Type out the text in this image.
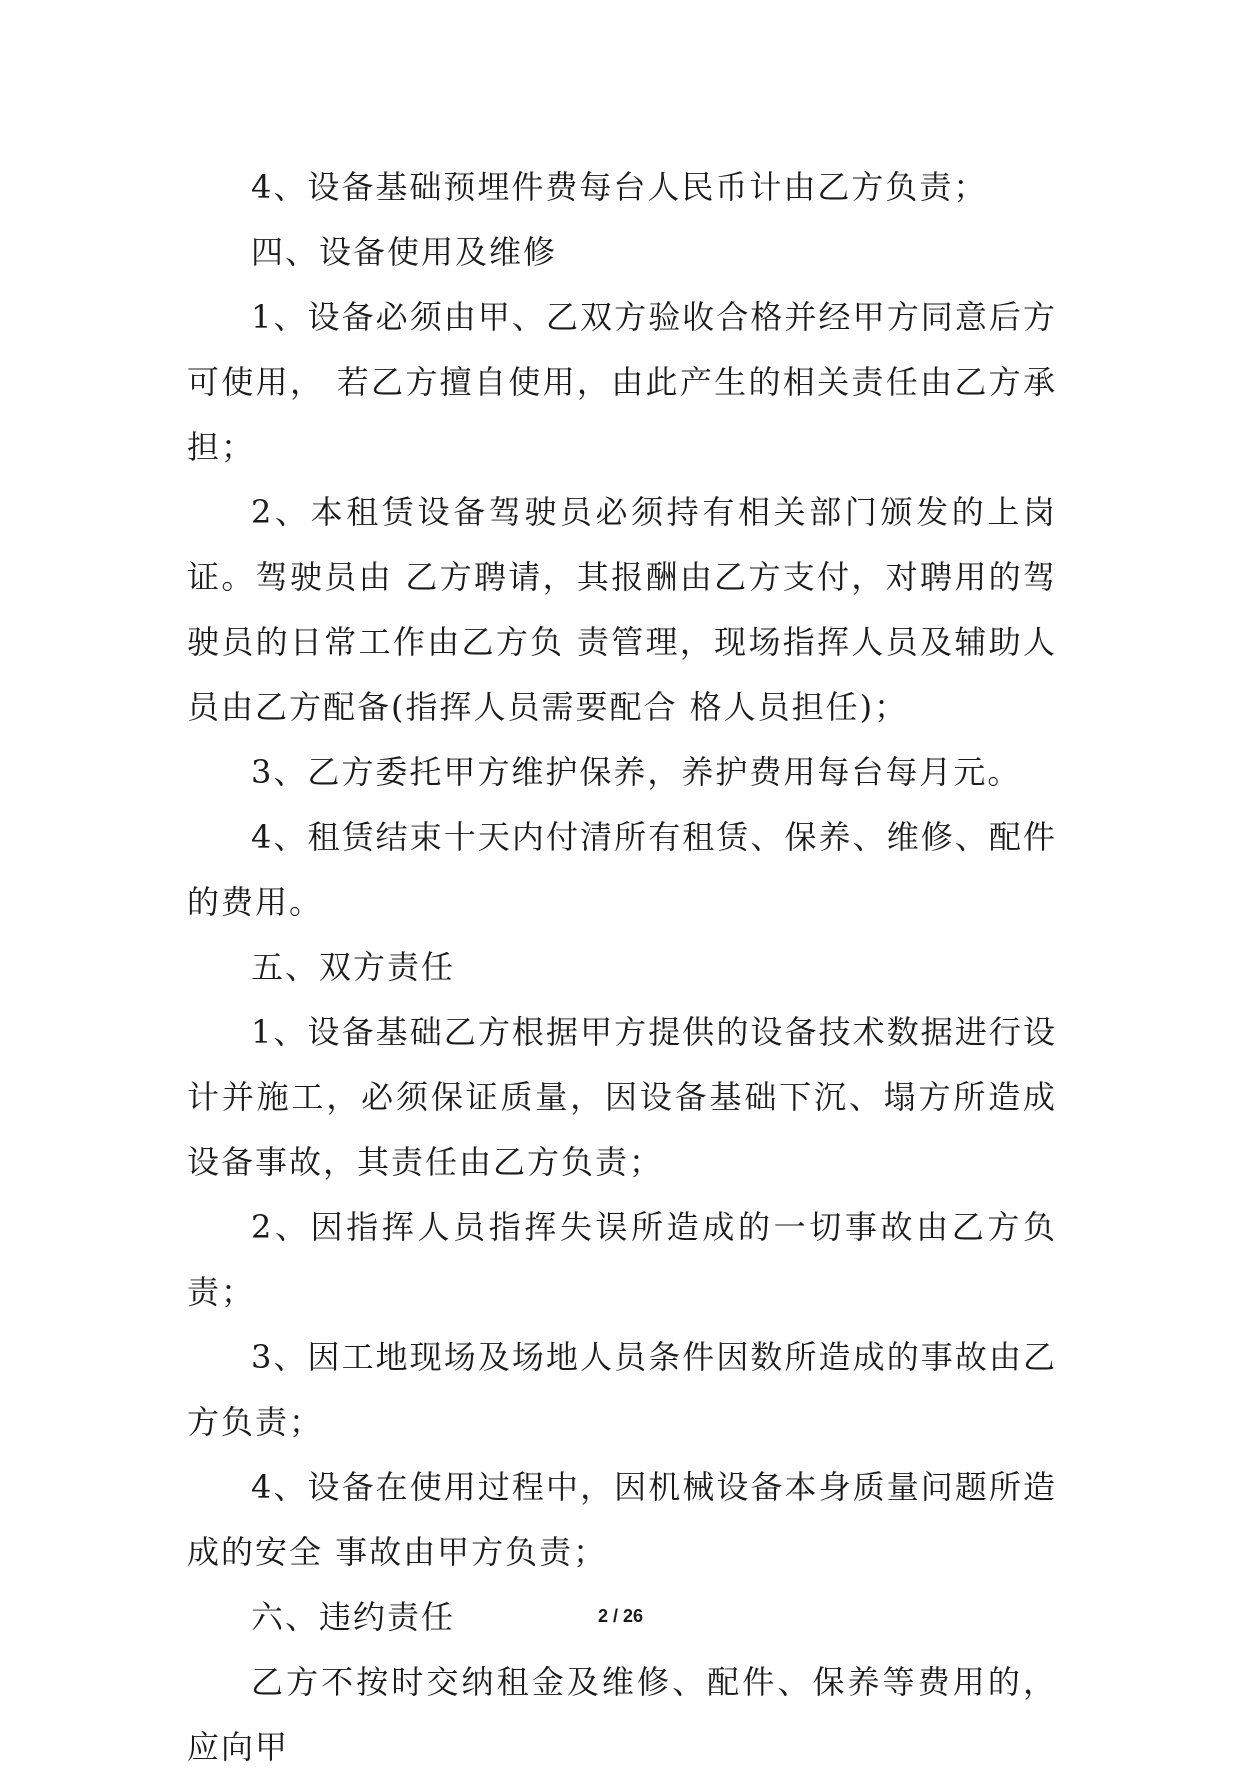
4、设备基础预埋件费每台人民币计由乙方负责；

四、设备使用及维修

1、设备必须由甲、乙双方验收合格并经甲方同意后方可使用， 若乙方擅自使用，由此产生的相关责任由乙方承担；

2、本租赁设备驾驶员必须持有相关部门颁发的上岗证。驾驶员由 乙方聘请，其报酬由乙方支付，对聘用的驾驶员的日常工作由乙方负 责管理，现场指挥人员及辅助人员由乙方配备(指挥人员需要配合 格人员担任)；

3、乙方委托甲方维护保养，养护费用每台每月元。

4、租赁结束十天内付清所有租赁、保养、维修、配件的费用。

五、双方责任

1、设备基础乙方根据甲方提供的设备技术数据进行设计并施工，必须保证质量，因设备基础下沉、塌方所造成设备事故，其责任由乙方负责；

2、因指挥人员指挥失误所造成的一切事故由乙方负责；

3、因工地现场及场地人员条件因数所造成的事故由乙方负责；

4、设备在使用过程中，因机械设备本身质量问题所造成的安全 事故由甲方负责；

六、违约责任

乙方不按时交纳租金及维修、配件、保养等费用的，应向甲

2 / 26
